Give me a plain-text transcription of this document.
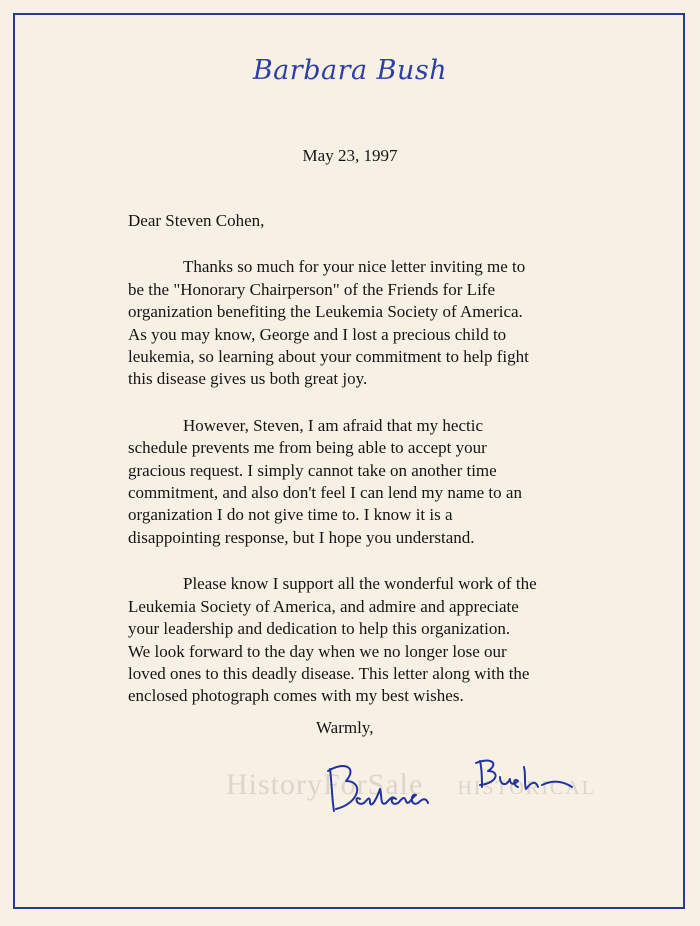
Barbara Bush
May 23, 1997
Dear Steven Cohen,
Thanks so much for your nice letter inviting me to
be the "Honorary Chairperson" of the Friends for Life
organization benefiting the Leukemia Society of America.
As you may know, George and I lost a precious child to
leukemia, so learning about your commitment to help fight
this disease gives us both great joy.
However, Steven, I am afraid that my hectic
schedule prevents me from being able to accept your
gracious request. I simply cannot take on another time
commitment, and also don't feel I can lend my name to an
organization I do not give time to. I know it is a
disappointing response, but I hope you understand.
Please know I support all the wonderful work of the
Leukemia Society of America, and admire and appreciate
your leadership and dedication to help this organization.
We look forward to the day when we no longer lose our
loved ones to this deadly disease. This letter along with the
enclosed photograph comes with my best wishes.
Warmly,
HistoryForSale HISTORICAL
